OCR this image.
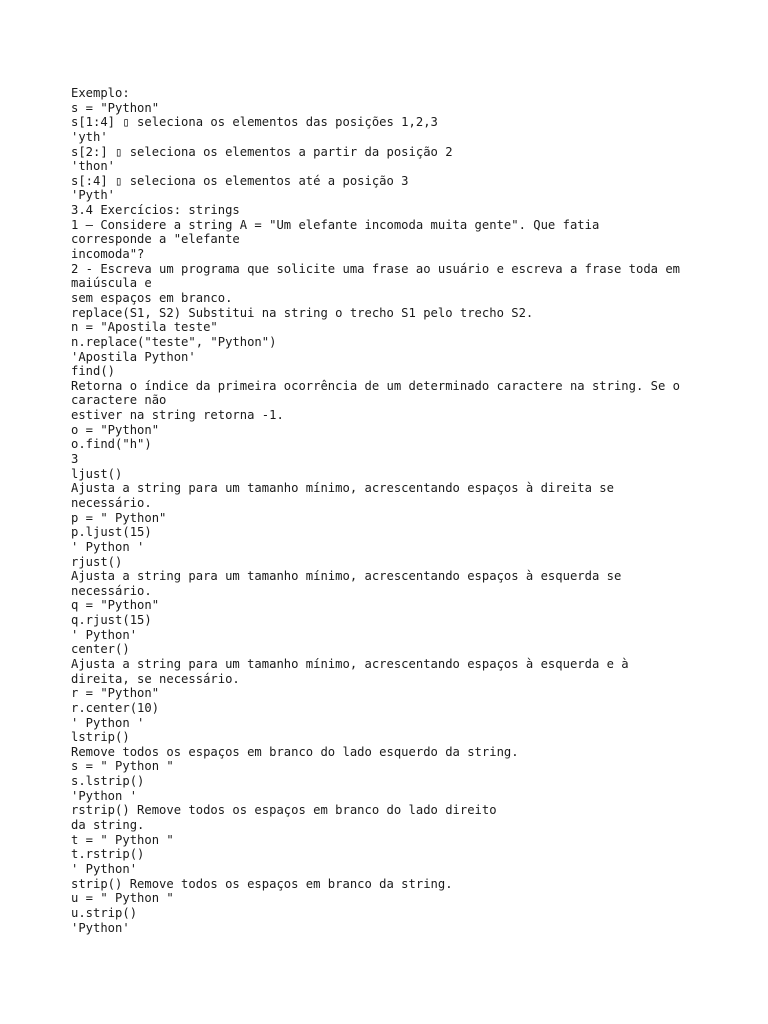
Exemplo:
s = "Python"
s[1:4] ▯ seleciona os elementos das posições 1,2,3
'yth'
s[2:] ▯ seleciona os elementos a partir da posição 2
'thon'
s[:4] ▯ seleciona os elementos até a posição 3
'Pyth'
3.4 Exercícios: strings
1 – Considere a string A = "Um elefante incomoda muita gente". Que fatia
corresponde a "elefante
incomoda"?
2 - Escreva um programa que solicite uma frase ao usuário e escreva a frase toda em
maiúscula e
sem espaços em branco.
replace(S1, S2) Substitui na string o trecho S1 pelo trecho S2.
n = "Apostila teste"
n.replace("teste", "Python")
'Apostila Python'
find()
Retorna o índice da primeira ocorrência de um determinado caractere na string. Se o
caractere não
estiver na string retorna -1.
o = "Python"
o.find("h")
3
ljust()
Ajusta a string para um tamanho mínimo, acrescentando espaços à direita se
necessário.
p = " Python"
p.ljust(15)
' Python '
rjust()
Ajusta a string para um tamanho mínimo, acrescentando espaços à esquerda se
necessário.
q = "Python"
q.rjust(15)
' Python'
center()
Ajusta a string para um tamanho mínimo, acrescentando espaços à esquerda e à
direita, se necessário.
r = "Python"
r.center(10)
' Python '
lstrip()
Remove todos os espaços em branco do lado esquerdo da string.
s = " Python "
s.lstrip()
'Python '
rstrip() Remove todos os espaços em branco do lado direito
da string.
t = " Python "
t.rstrip()
' Python'
strip() Remove todos os espaços em branco da string.
u = " Python "
u.strip()
'Python'
